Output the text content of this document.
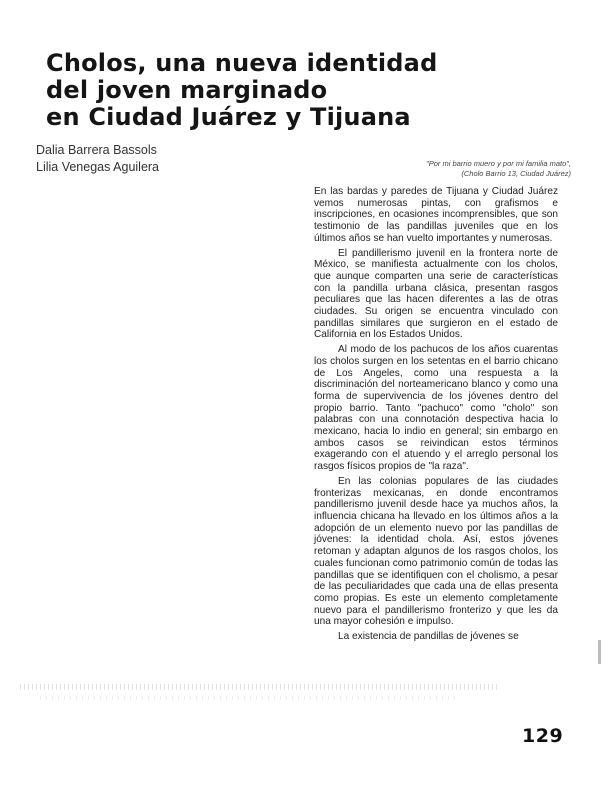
Cholos, una nueva identidad
del joven marginado
en Ciudad Juárez y Tijuana
Dalia Barrera Bassols
Lilia Venegas Aguilera	"Por mi barrio muero y por mi familia mato",
(Cholo Barrio 13, Ciudad Juárez)

En las bardas y paredes de Tijuana y Ciudad Juárez vemos numerosas pintas, con grafismos e inscripciones, en ocasiones incomprensibles, que son testimonio de las pandillas juveniles que en los últimos años se han vuelto importantes y numerosas.

El pandillerismo juvenil en la frontera norte de México, se manifiesta actualmente con los cholos, que aunque comparten una serie de características con la pandilla urbana clásica, presentan rasgos peculiares que las hacen diferentes a las de otras ciudades. Su origen se encuentra vinculado con pandillas similares que surgieron en el estado de California en los Estados Unidos.

Al modo de los pachucos de los años cuarentas los cholos surgen en los setentas en el barrio chicano de Los Angeles, como una respuesta a la discriminación del norteamericano blanco y como una forma de supervivencia de los jóvenes dentro del propio barrio. Tanto "pachuco" como "cholo" son palabras con una connotación despectiva hacia lo mexicano, hacia lo indio en general; sin embargo en ambos casos se reivindican estos términos exagerando con el atuendo y el arreglo personal los rasgos físicos propios de "la raza".

En las colonias populares de las ciudades fronterizas mexicanas, en donde encontramos pandillerismo juvenil desde hace ya muchos años, la influencia chicana ha llevado en los últimos años a la adopción de un elemento nuevo por las pandillas de jóvenes: la identidad chola. Así, estos jóvenes retoman y adaptan algunos de los rasgos cholos, los cuales funcionan como patrimonio común de todas las pandillas que se identifiquen con el cholismo, a pesar de las peculiaridades que cada una de ellas presenta como propias. Es este un elemento completamente nuevo para el pandillerismo fronterizo y que les da una mayor cohesión e impulso.

La existencia de pandillas de jóvenes se

129
